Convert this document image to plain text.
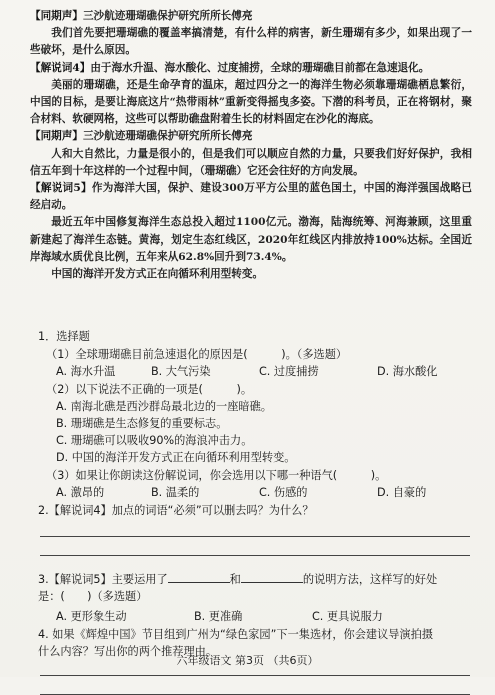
【同期声】三沙航迹珊瑚礁保护研究所所长傅亮

我们首先要把珊瑚礁的覆盖率搞清楚，有什么样的病害，新生珊瑚有多少，如果出现了一些破坏，是什么原因。

【解说词4】由于海水升温、海水酸化、过度捕捞，全球的珊瑚礁目前都在急速退化。

美丽的珊瑚礁，还是生命孕育的温床，超过四分之一的海洋生物必须靠珊瑚礁栖息繁衍，中国的目标，是要让海底这片“热带雨林”重新变得摇曳多姿。下潜的科考员，正在将钢材，聚合材料、软硬网格，这些可以帮助礁盘附着生长的材料固定在沙化的海底。

【同期声】三沙航迹珊瑚礁保护研究所所长傅亮

人和大自然比，力量是很小的，但是我们可以顺应自然的力量，只要我们好好保护，我相信五年到十年这样的一个过程中间，（珊瑚礁）它还会往好的方向发展。

【解说词5】作为海洋大国，保护、建设300万平方公里的蓝色国土，中国的海洋强国战略已经启动。

最近五年中国修复海洋生态总投入超过1100亿元。渤海，陆海统筹、河海兼顾，这里重新建起了海洋生态链。黄海，划定生态红线区，2020年红线区内排放持100%达标。全国近岸海域水质优良比例，五年来从62.8%回升到73.4%。

中国的海洋开发方式正在向循环利用型转变。

1．选择题
（1）全球珊瑚礁目前急速退化的原因是(　　　)。（多选题）
A. 海水升温	B. 大气污染	C. 过度捕捞	D. 海水酸化
（2）以下说法不正确的一项是(　　　)。
A. 南海北礁是西沙群岛最北边的一座暗礁。
B. 珊瑚礁是生态修复的重要标志。
C. 珊瑚礁可以吸收90%的海浪冲击力。
D. 中国的海洋开发方式正在向循环利用型转变。
（3）如果让你朗读这份解说词，你会选用以下哪一种语气(　　　)。
A. 激昂的	B. 温柔的	C. 伤感的	D. 自豪的
2.【解说词4】加点的词语“必须”可以删去吗？为什么？
3.【解说词5】主要运用了	和	的说明方法，这样写的好处
是：(　　)（多选题）
A. 更形象生动	B. 更准确	C. 更具说服力
4. 如果《辉煌中国》节目组到广州为“绿色家园”下一集选材，你会建议导演拍摄
什么内容？写出你的两个推荐理由。
六年级语文 第3页 （共6页）
